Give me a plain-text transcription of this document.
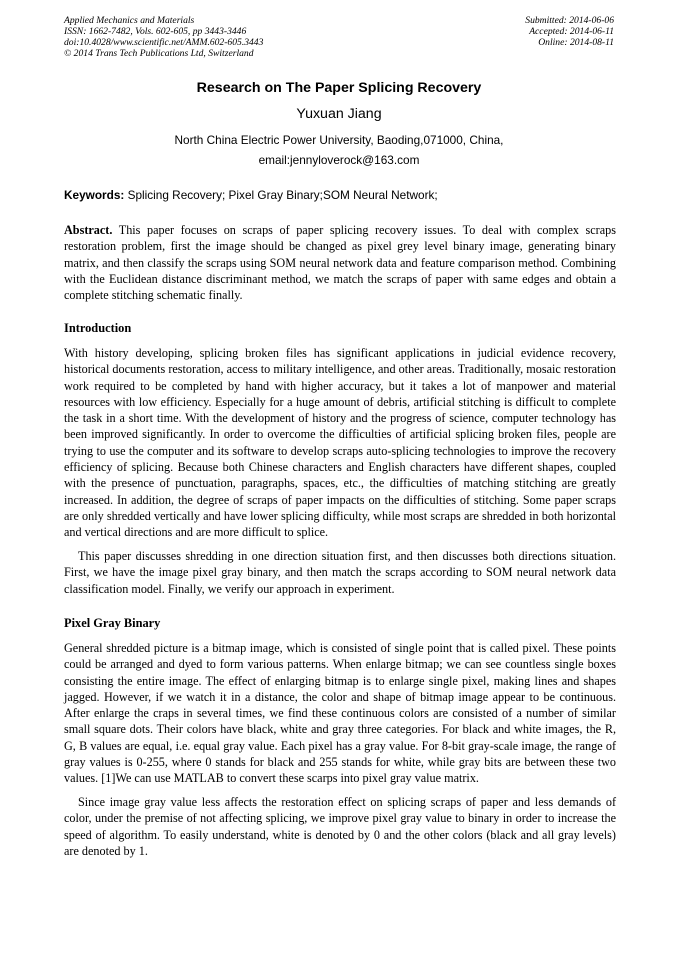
Applied Mechanics and Materials
ISSN: 1662-7482, Vols. 602-605, pp 3443-3446
doi:10.4028/www.scientific.net/AMM.602-605.3443
© 2014 Trans Tech Publications Ltd, Switzerland
Submitted: 2014-06-06
Accepted: 2014-06-11
Online: 2014-08-11
Research on The Paper Splicing Recovery
Yuxuan Jiang
North China Electric Power University, Baoding,071000, China,
email:jennyloverock@163.com
Keywords: Splicing Recovery; Pixel Gray Binary;SOM Neural Network;

Abstract. This paper focuses on scraps of paper splicing recovery issues. To deal with complex scraps restoration problem, first the image should be changed as pixel grey level binary image, generating binary matrix, and then classify the scraps using SOM neural network data and feature comparison method. Combining with the Euclidean distance discriminant method, we match the scraps of paper with same edges and obtain a complete stitching schematic finally.

Introduction

With history developing, splicing broken files has significant applications in judicial evidence recovery, historical documents restoration, access to military intelligence, and other areas. Traditionally, mosaic restoration work required to be completed by hand with higher accuracy, but it takes a lot of manpower and material resources with low efficiency. Especially for a huge amount of debris, artificial stitching is difficult to complete the task in a short time. With the development of history and the progress of science, computer technology has been improved significantly. In order to overcome the difficulties of artificial splicing broken files, people are trying to use the computer and its software to develop scraps auto-splicing technologies to improve the recovery efficiency of splicing. Because both Chinese characters and English characters have different shapes, coupled with the presence of punctuation, paragraphs, spaces, etc., the difficulties of matching stitching are greatly increased. In addition, the degree of scraps of paper impacts on the difficulties of stitching. Some paper scraps are only shredded vertically and have lower splicing difficulty, while most scraps are shredded in both horizontal and vertical directions and are more difficult to splice.

This paper discusses shredding in one direction situation first, and then discusses both directions situation. First, we have the image pixel gray binary, and then match the scraps according to SOM neural network data classification model. Finally, we verify our approach in experiment.

Pixel Gray Binary

General shredded picture is a bitmap image, which is consisted of single point that is called pixel. These points could be arranged and dyed to form various patterns. When enlarge bitmap; we can see countless single boxes consisting the entire image. The effect of enlarging bitmap is to enlarge single pixel, making lines and shapes jagged. However, if we watch it in a distance, the color and shape of bitmap image appear to be continuous. After enlarge the craps in several times, we find these continuous colors are consisted of a number of similar small square dots. Their colors have black, white and gray three categories. For black and white images, the R, G, B values are equal, i.e. equal gray value. Each pixel has a gray value. For 8-bit gray-scale image, the range of gray values is 0-255, where 0 stands for black and 255 stands for white, while gray bits are between these two values. [1]We can use MATLAB to convert these scarps into pixel gray value matrix.

Since image gray value less affects the restoration effect on splicing scraps of paper and less demands of color, under the premise of not affecting splicing, we improve pixel gray value to binary in order to increase the speed of algorithm. To easily understand, white is denoted by 0 and the other colors (black and all gray levels) are denoted by 1.
